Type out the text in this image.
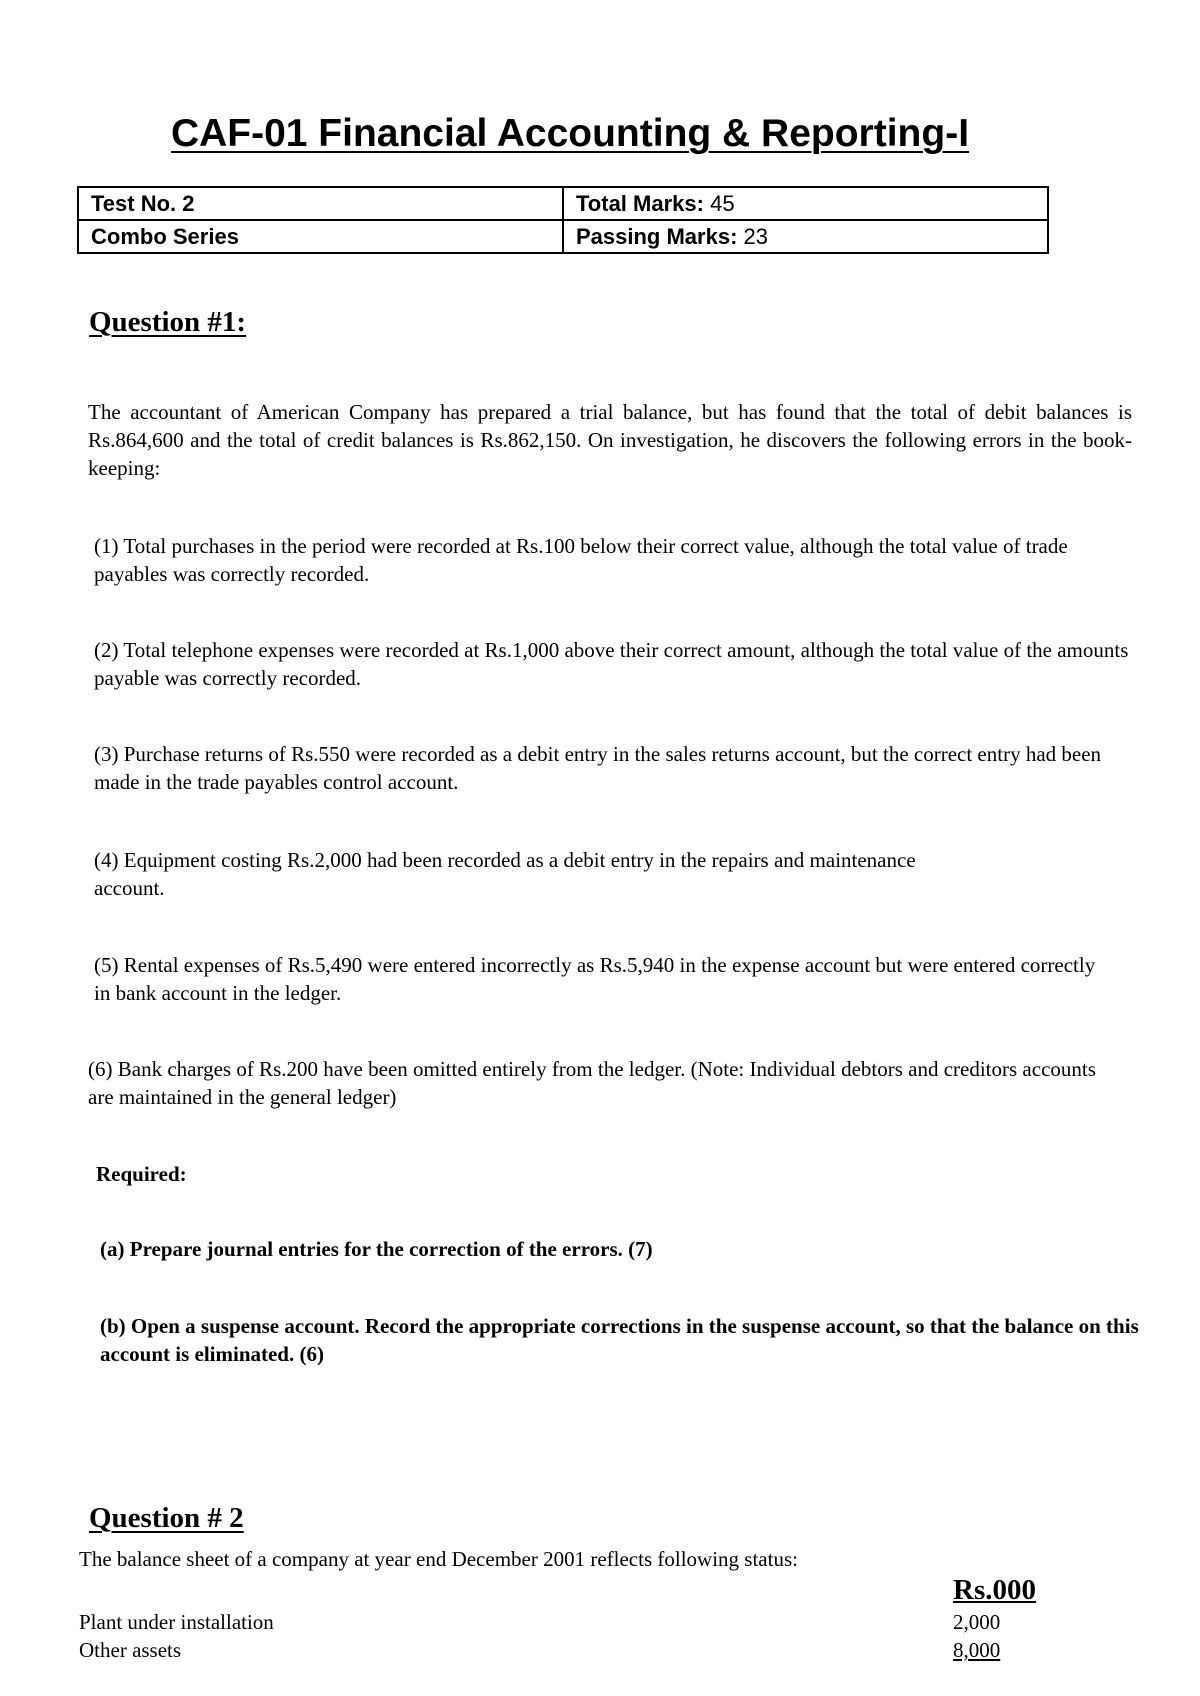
CAF-01 Financial Accounting & Reporting-I
Test No. 2	Total Marks: 45
Combo Series	Passing Marks: 23
Question #1:
The accountant of American Company has prepared a trial balance, but has found that the total of debit balances is Rs.864,600 and the total of credit balances is Rs.862,150. On investigation, he discovers the following errors in the book-keeping:
(1) Total purchases in the period were recorded at Rs.100 below their correct value, although the total value of trade payables was correctly recorded.
(2) Total telephone expenses were recorded at Rs.1,000 above their correct amount, although the total value of the amounts payable was correctly recorded.
(3) Purchase returns of Rs.550 were recorded as a debit entry in the sales returns account, but the correct entry had been made in the trade payables control account.
(4) Equipment costing Rs.2,000 had been recorded as a debit entry in the repairs and maintenance account.
(5) Rental expenses of Rs.5,490 were entered incorrectly as Rs.5,940 in the expense account but were entered correctly in bank account in the ledger.
(6) Bank charges of Rs.200 have been omitted entirely from the ledger. (Note: Individual debtors and creditors accounts are maintained in the general ledger)
Required:
(a) Prepare journal entries for the correction of the errors. (7)
(b) Open a suspense account. Record the appropriate corrections in the suspense account, so that the balance on this account is eliminated. (6)
Question # 2
The balance sheet of a company at year end December 2001 reflects following status:
Rs.000
Plant under installation	2,000
Other assets	8,000
